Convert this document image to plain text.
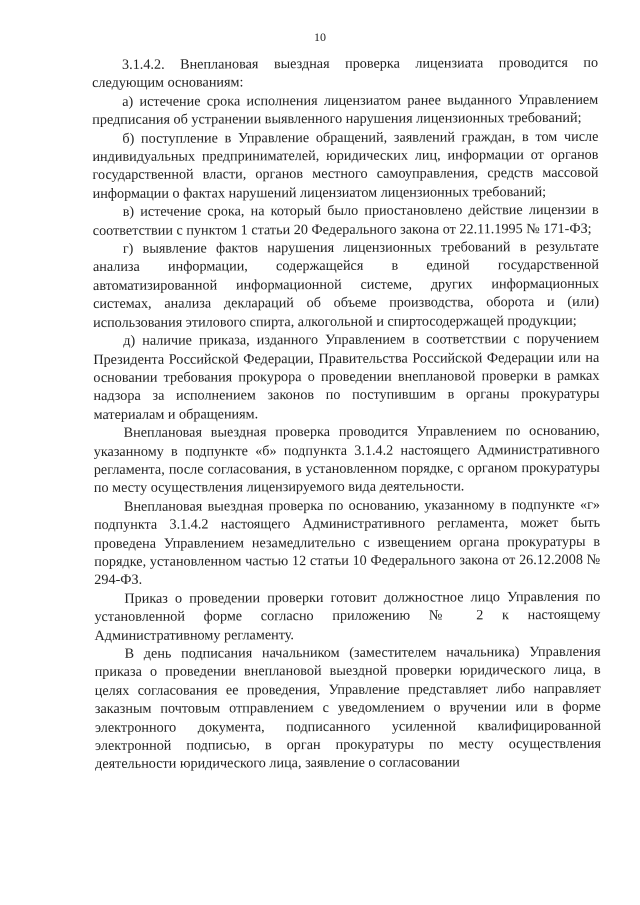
10

3.1.4.2. Внеплановая выездная проверка лицензиата проводится по следующим основаниям:

а) истечение срока исполнения лицензиатом ранее выданного Управлением предписания об устранении выявленного нарушения лицензионных требований;

б) поступление в Управление обращений, заявлений граждан, в том числе индивидуальных предпринимателей, юридических лиц, информации от органов государственной власти, органов местного самоуправления, средств массовой информации о фактах нарушений лицензиатом лицензионных требований;

в) истечение срока, на который было приостановлено действие лицензии в соответствии с пунктом 1 статьи 20 Федерального закона от 22.11.1995 № 171-ФЗ;

г) выявление фактов нарушения лицензионных требований в результате анализа информации, содержащейся в единой государственной автоматизированной информационной системе, других информационных системах, анализа деклараций об объеме производства, оборота и (или) использования этилового спирта, алкогольной и спиртосодержащей продукции;

д) наличие приказа, изданного Управлением в соответствии с поручением Президента Российской Федерации, Правительства Российской Федерации или на основании требования прокурора о проведении внеплановой проверки в рамках надзора за исполнением законов по поступившим в органы прокуратуры материалам и обращениям.

Внеплановая выездная проверка проводится Управлением по основанию, указанному в подпункте «б» подпункта 3.1.4.2 настоящего Административного регламента, после согласования, в установленном порядке, с органом прокуратуры по месту осуществления лицензируемого вида деятельности.

Внеплановая выездная проверка по основанию, указанному в подпункте «г» подпункта 3.1.4.2 настоящего Административного регламента, может быть проведена Управлением незамедлительно с извещением органа прокуратуры в порядке, установленном частью 12 статьи 10 Федерального закона от 26.12.2008 № 294-ФЗ.

Приказ о проведении проверки готовит должностное лицо Управления по установленной форме согласно приложению № 2 к настоящему Административному регламенту.

В день подписания начальником (заместителем начальника) Управления приказа о проведении внеплановой выездной проверки юридического лица, в целях согласования ее проведения, Управление представляет либо направляет заказным почтовым отправлением с уведомлением о вручении или в форме электронного документа, подписанного усиленной квалифицированной электронной подписью, в орган прокуратуры по месту осуществления деятельности юридического лица, заявление о согласовании
